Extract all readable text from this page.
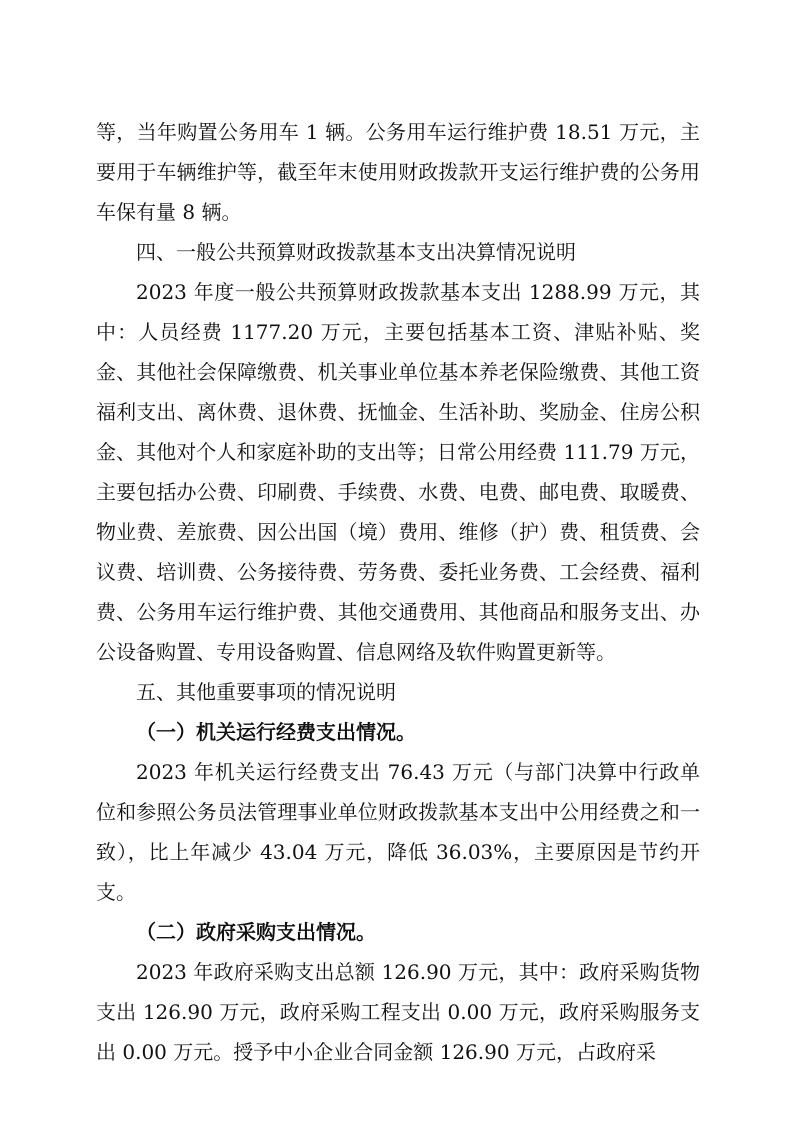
等，当年购置公务用车 1 辆。公务用车运行维护费 18.51 万元，主要用于车辆维护等，截至年末使用财政拨款开支运行维护费的公务用车保有量 8 辆。

四、一般公共预算财政拨款基本支出决算情况说明

2023 年度一般公共预算财政拨款基本支出 1288.99 万元，其中：人员经费 1177.20 万元，主要包括基本工资、津贴补贴、奖金、其他社会保障缴费、机关事业单位基本养老保险缴费、其他工资福利支出、离休费、退休费、抚恤金、生活补助、奖励金、住房公积金、其他对个人和家庭补助的支出等；日常公用经费 111.79 万元，主要包括办公费、印刷费、手续费、水费、电费、邮电费、取暖费、物业费、差旅费、因公出国（境）费用、维修（护）费、租赁费、会议费、培训费、公务接待费、劳务费、委托业务费、工会经费、福利费、公务用车运行维护费、其他交通费用、其他商品和服务支出、办公设备购置、专用设备购置、信息网络及软件购置更新等。

五、其他重要事项的情况说明

（一）机关运行经费支出情况。

2023 年机关运行经费支出 76.43 万元（与部门决算中行政单位和参照公务员法管理事业单位财政拨款基本支出中公用经费之和一致），比上年减少 43.04 万元，降低 36.03%，主要原因是节约开支。

（二）政府采购支出情况。

2023 年政府采购支出总额 126.90 万元，其中：政府采购货物支出 126.90 万元，政府采购工程支出 0.00 万元，政府采购服务支出 0.00 万元。授予中小企业合同金额 126.90 万元，占政府采
